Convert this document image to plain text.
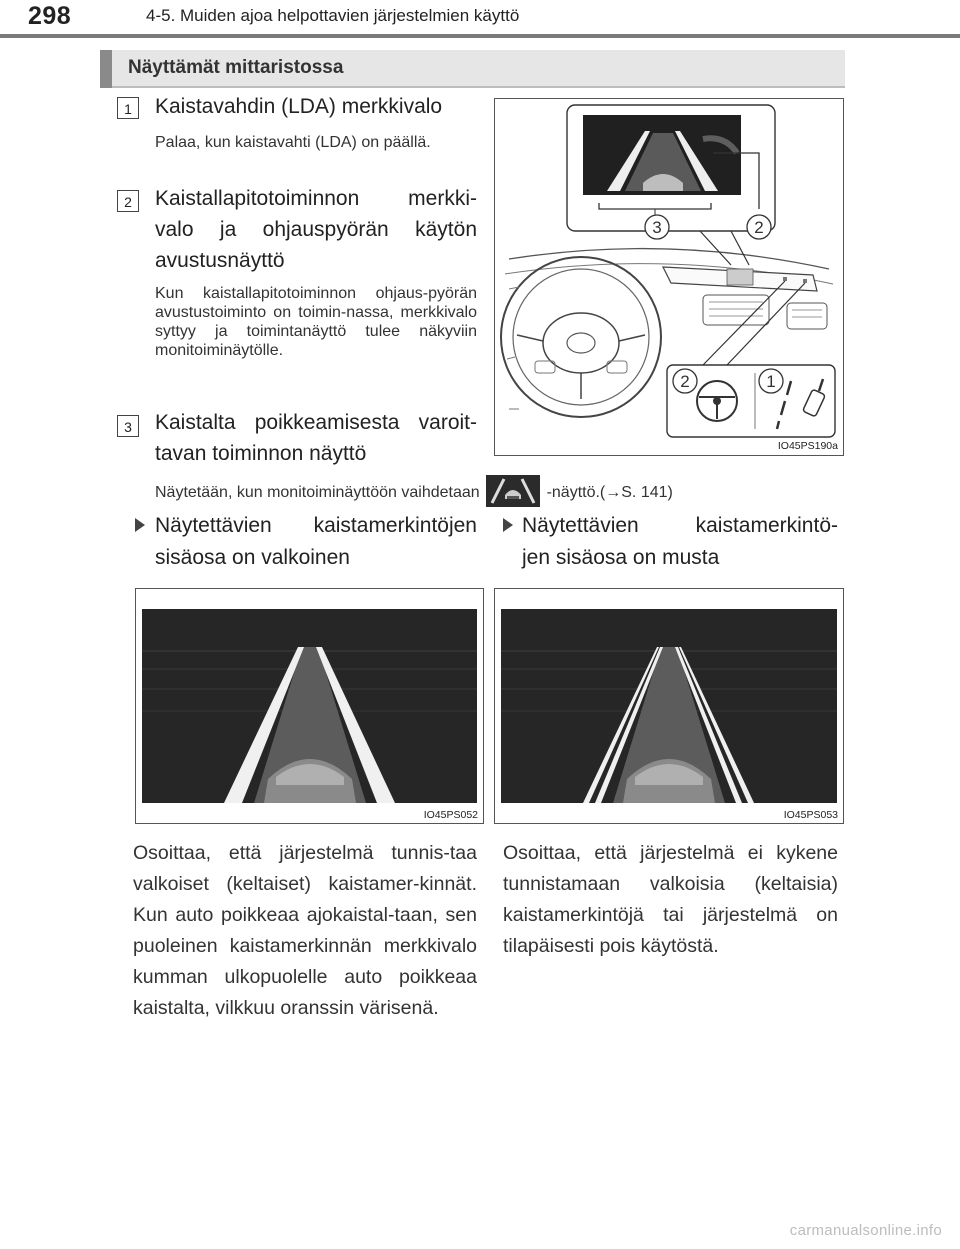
298	4-5. Muiden ajoa helpottavien järjestelmien käyttö
Näyttämät mittaristossa
1	Kaistavahdin (LDA) merkkivalo
Palaa, kun kaistavahti (LDA) on päällä.
2	Kaistallapitotoiminnon merkki-
valo ja ohjauspyörän käytön
avustusnäyttö
Kun kaistallapitotoiminnon ohjaus-pyörän avustustoiminto on toimin-nassa, merkkivalo syttyy ja toimintanäyttö tulee näkyviin monitoiminäytölle.
3	Kaistalta poikkeamisesta varoit-
tavan toiminnon näyttö
Näytetään, kun monitoiminäyttöön vaihdetaan	-näyttö.(→S. 141)
3	2
2	1
IO45PS190a
Näytettävien kaistamerkintöjen
sisäosa on valkoinen
Näytettävien kaistamerkintö-
jen sisäosa on musta
IO45PS052	IO45PS053
Osoittaa, että järjestelmä tunnis-taa valkoiset (keltaiset) kaistamer-kinnät. Kun auto poikkeaa ajokaistal-taan, sen puoleinen kaistamerkinnän merkkivalo kumman ulkopuolelle auto poikkeaa kaistalta, vilkkuu oranssin värisenä.
Osoittaa, että järjestelmä ei kykene tunnistamaan valkoisia (keltaisia) kaistamerkintöjä tai järjestelmä on tilapäisesti pois käytöstä.
carmanualsonline.info
